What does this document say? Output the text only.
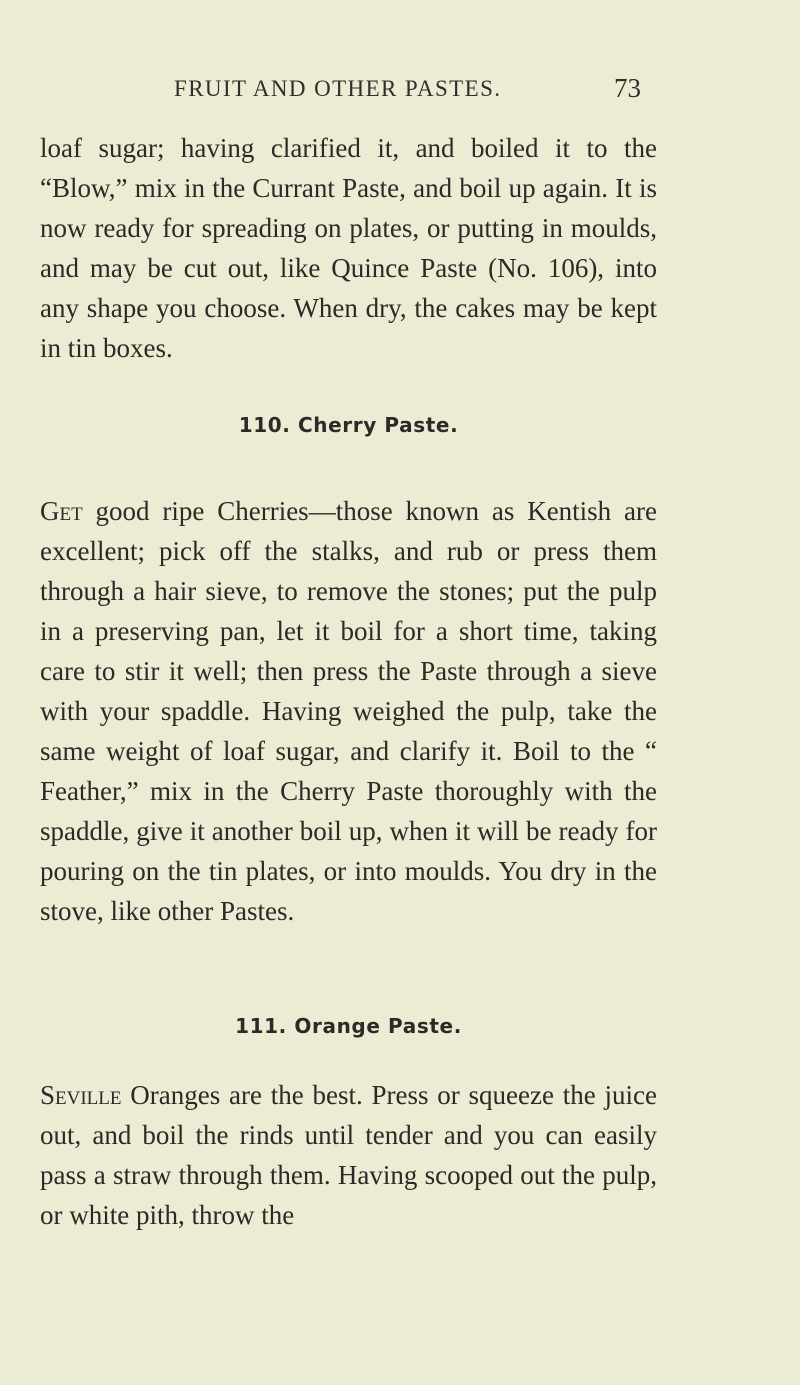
FRUIT AND OTHER PASTES.	73

loaf sugar; having clarified it, and boiled it to the “Blow,” mix in the Currant Paste, and boil up again. It is now ready for spreading on plates, or putting in moulds, and may be cut out, like Quince Paste (No. 106), into any shape you choose. When dry, the cakes may be kept in tin boxes.

110. Cherry Paste.

Get good ripe Cherries—those known as Kentish are excellent; pick off the stalks, and rub or press them through a hair sieve, to remove the stones; put the pulp in a preserving pan, let it boil for a short time, taking care to stir it well; then press the Paste through a sieve with your spaddle. Having weighed the pulp, take the same weight of loaf sugar, and clarify it. Boil to the “ Feather,” mix in the Cherry Paste thoroughly with the spaddle, give it another boil up, when it will be ready for pouring on the tin plates, or into moulds. You dry in the stove, like other Pastes.

111. Orange Paste.

Seville Oranges are the best. Press or squeeze the juice out, and boil the rinds until tender and you can easily pass a straw through them. Having scooped out the pulp, or white pith, throw the
